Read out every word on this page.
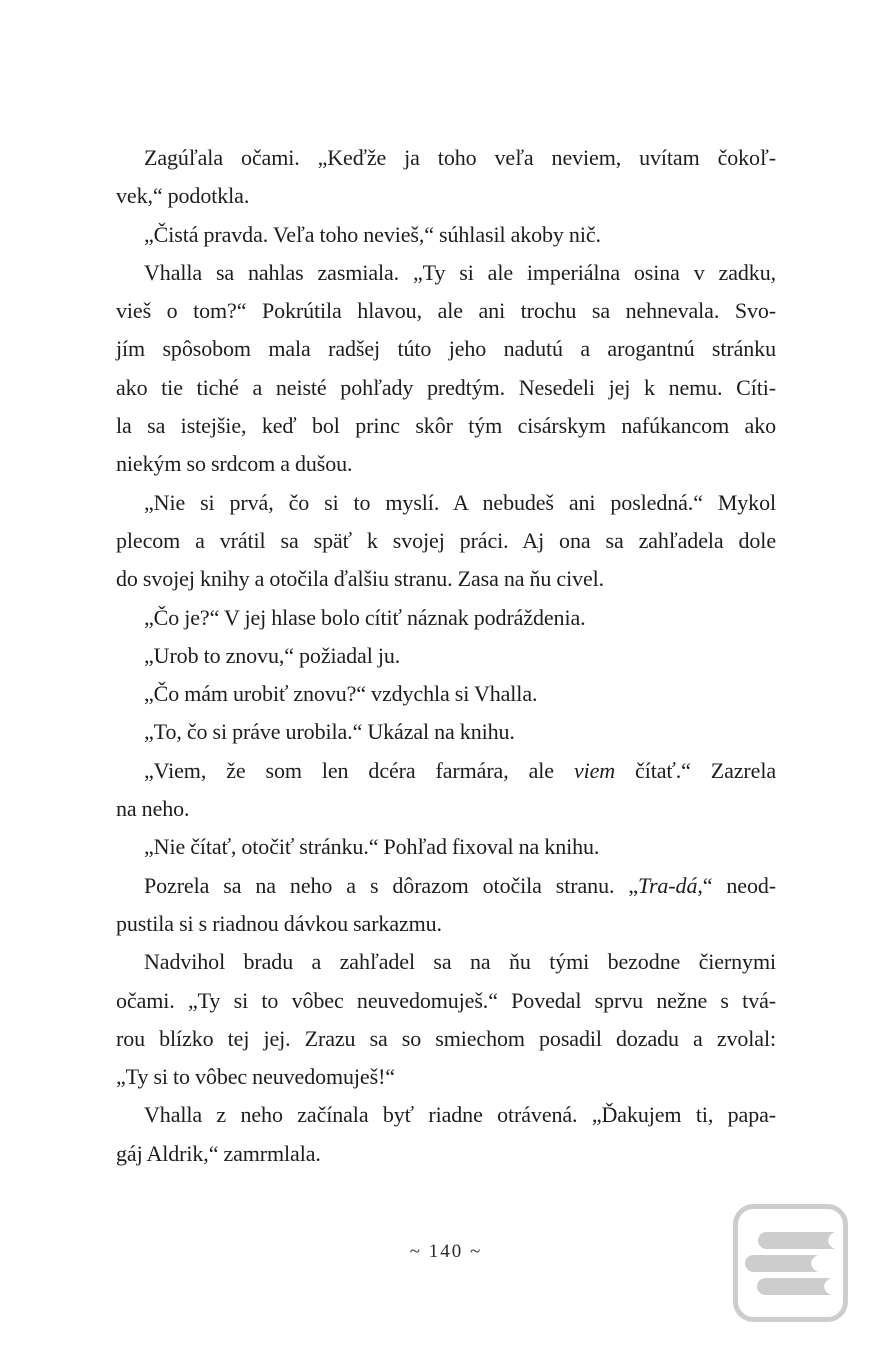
Zagúľala očami. „Keďže ja toho veľa neviem, uvítam čokoľ-
vek,“ podotkla.
„Čistá pravda. Veľa toho nevieš,“ súhlasil akoby nič.
Vhalla sa nahlas zasmiala. „Ty si ale imperiálna osina v zadku,
vieš o tom?“ Pokrútila hlavou, ale ani trochu sa nehnevala. Svo-
jím spôsobom mala radšej túto jeho nadutú a arogantnú stránku
ako tie tiché a neisté pohľady predtým. Nesedeli jej k nemu. Cíti-
la sa istejšie, keď bol princ skôr tým cisárskym nafúkancom ako
niekým so srdcom a dušou.
„Nie si prvá, čo si to myslí. A nebudeš ani posledná.“ Mykol
plecom a vrátil sa späť k svojej práci. Aj ona sa zahľadela dole
do svojej knihy a otočila ďalšiu stranu. Zasa na ňu civel.
„Čo je?“ V jej hlase bolo cítiť náznak podráždenia.
„Urob to znovu,“ požiadal ju.
„Čo mám urobiť znovu?“ vzdychla si Vhalla.
„To, čo si práve urobila.“ Ukázal na knihu.
„Viem, že som len dcéra farmára, ale viem čítať.“ Zazrela
na neho.
„Nie čítať, otočiť stránku.“ Pohľad fixoval na knihu.
Pozrela sa na neho a s dôrazom otočila stranu. „Tra-dá,“ neod-
pustila si s riadnou dávkou sarkazmu.
Nadvihol bradu a zahľadel sa na ňu tými bezodne čiernymi
očami. „Ty si to vôbec neuvedomuješ.“ Povedal sprvu nežne s tvá-
rou blízko tej jej. Zrazu sa so smiechom posadil dozadu a zvolal:
„Ty si to vôbec neuvedomuješ!“
Vhalla z neho začínala byť riadne otrávená. „Ďakujem ti, papa-
gáj Aldrik,“ zamrmlala.
~ 140 ~
